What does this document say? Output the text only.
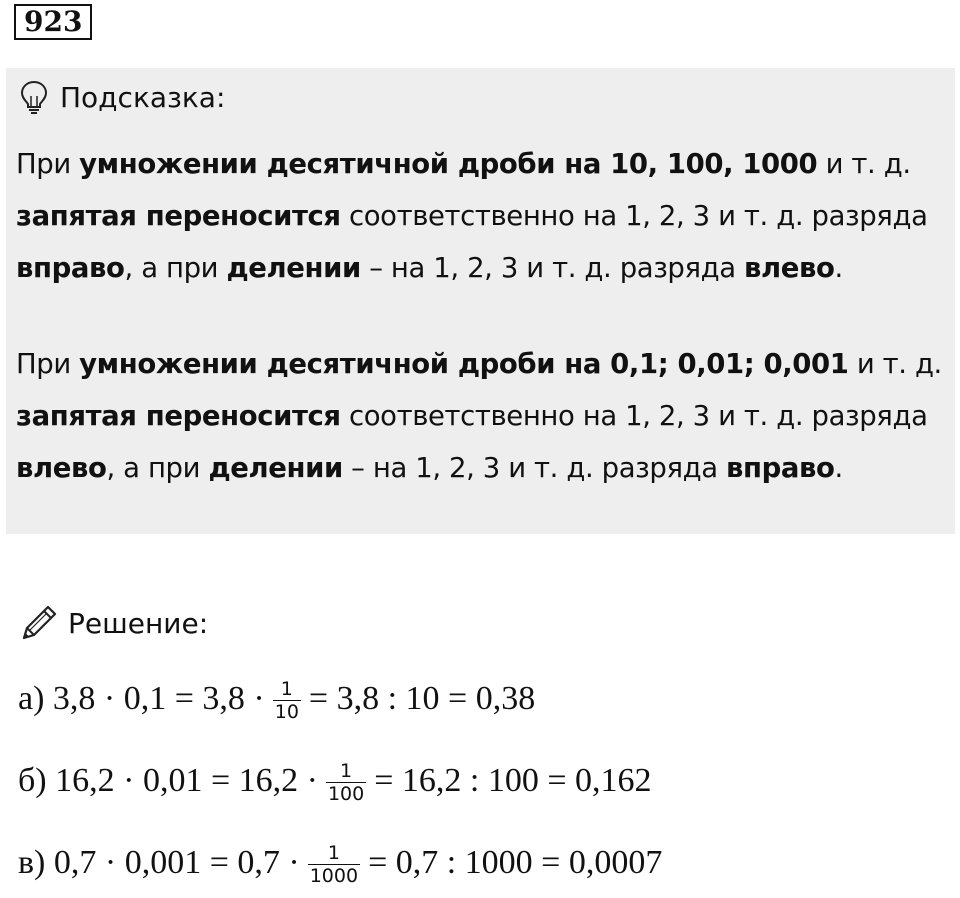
923
Подсказка:
При умножении десятичной дроби на 10, 100, 1000 и т. д.
запятая переносится соответственно на 1, 2, 3 и т. д. разряда
вправо, а при делении – на 1, 2, 3 и т. д. разряда влево.
При умножении десятичной дроби на 0,1; 0,01; 0,001 и т. д.
запятая переносится соответственно на 1, 2, 3 и т. д. разряда
влево, а при делении – на 1, 2, 3 и т. д. разряда вправо.
Решение:
а) $3,8 \cdot 0,1 = 3,8 \cdot \frac{1}{10} = 3,8$ : 10 = 0,38
б) $16,2 \cdot 0,01 = 16,2 \cdot \frac{1}{100} = 16,2$ : 100 = 0,162
в) $0,7 \cdot 0,001 = 0,7 \cdot \frac{1}{1000} = 0,7$ : 1000 = 0,0007
